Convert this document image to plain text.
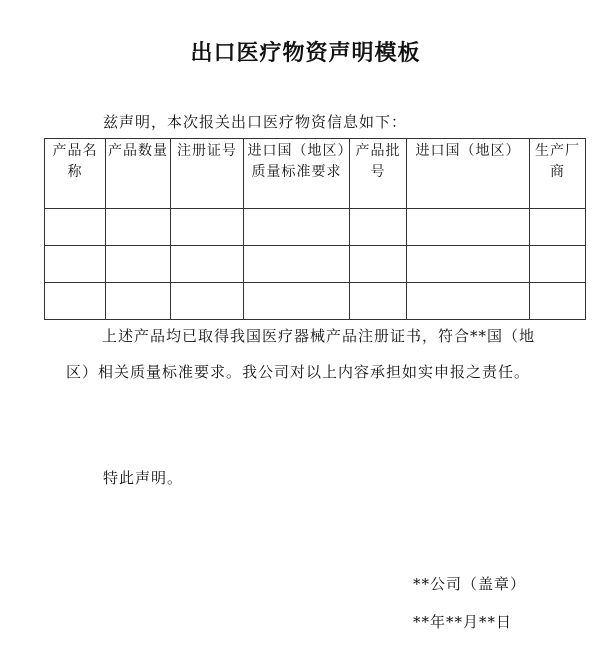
出口医疗物资声明模板
兹声明，本次报关出口医疗物资信息如下：
产品名称	产品数量	注册证号	进口国（地区）质量标准要求	产品批号	进口国（地区）	生产厂商

上述产品均已取得我国医疗器械产品注册证书，符合**国（地区）相关质量标准要求。我公司对以上内容承担如实申报之责任。
特此声明。
**公司（盖章）
**年**月**日
